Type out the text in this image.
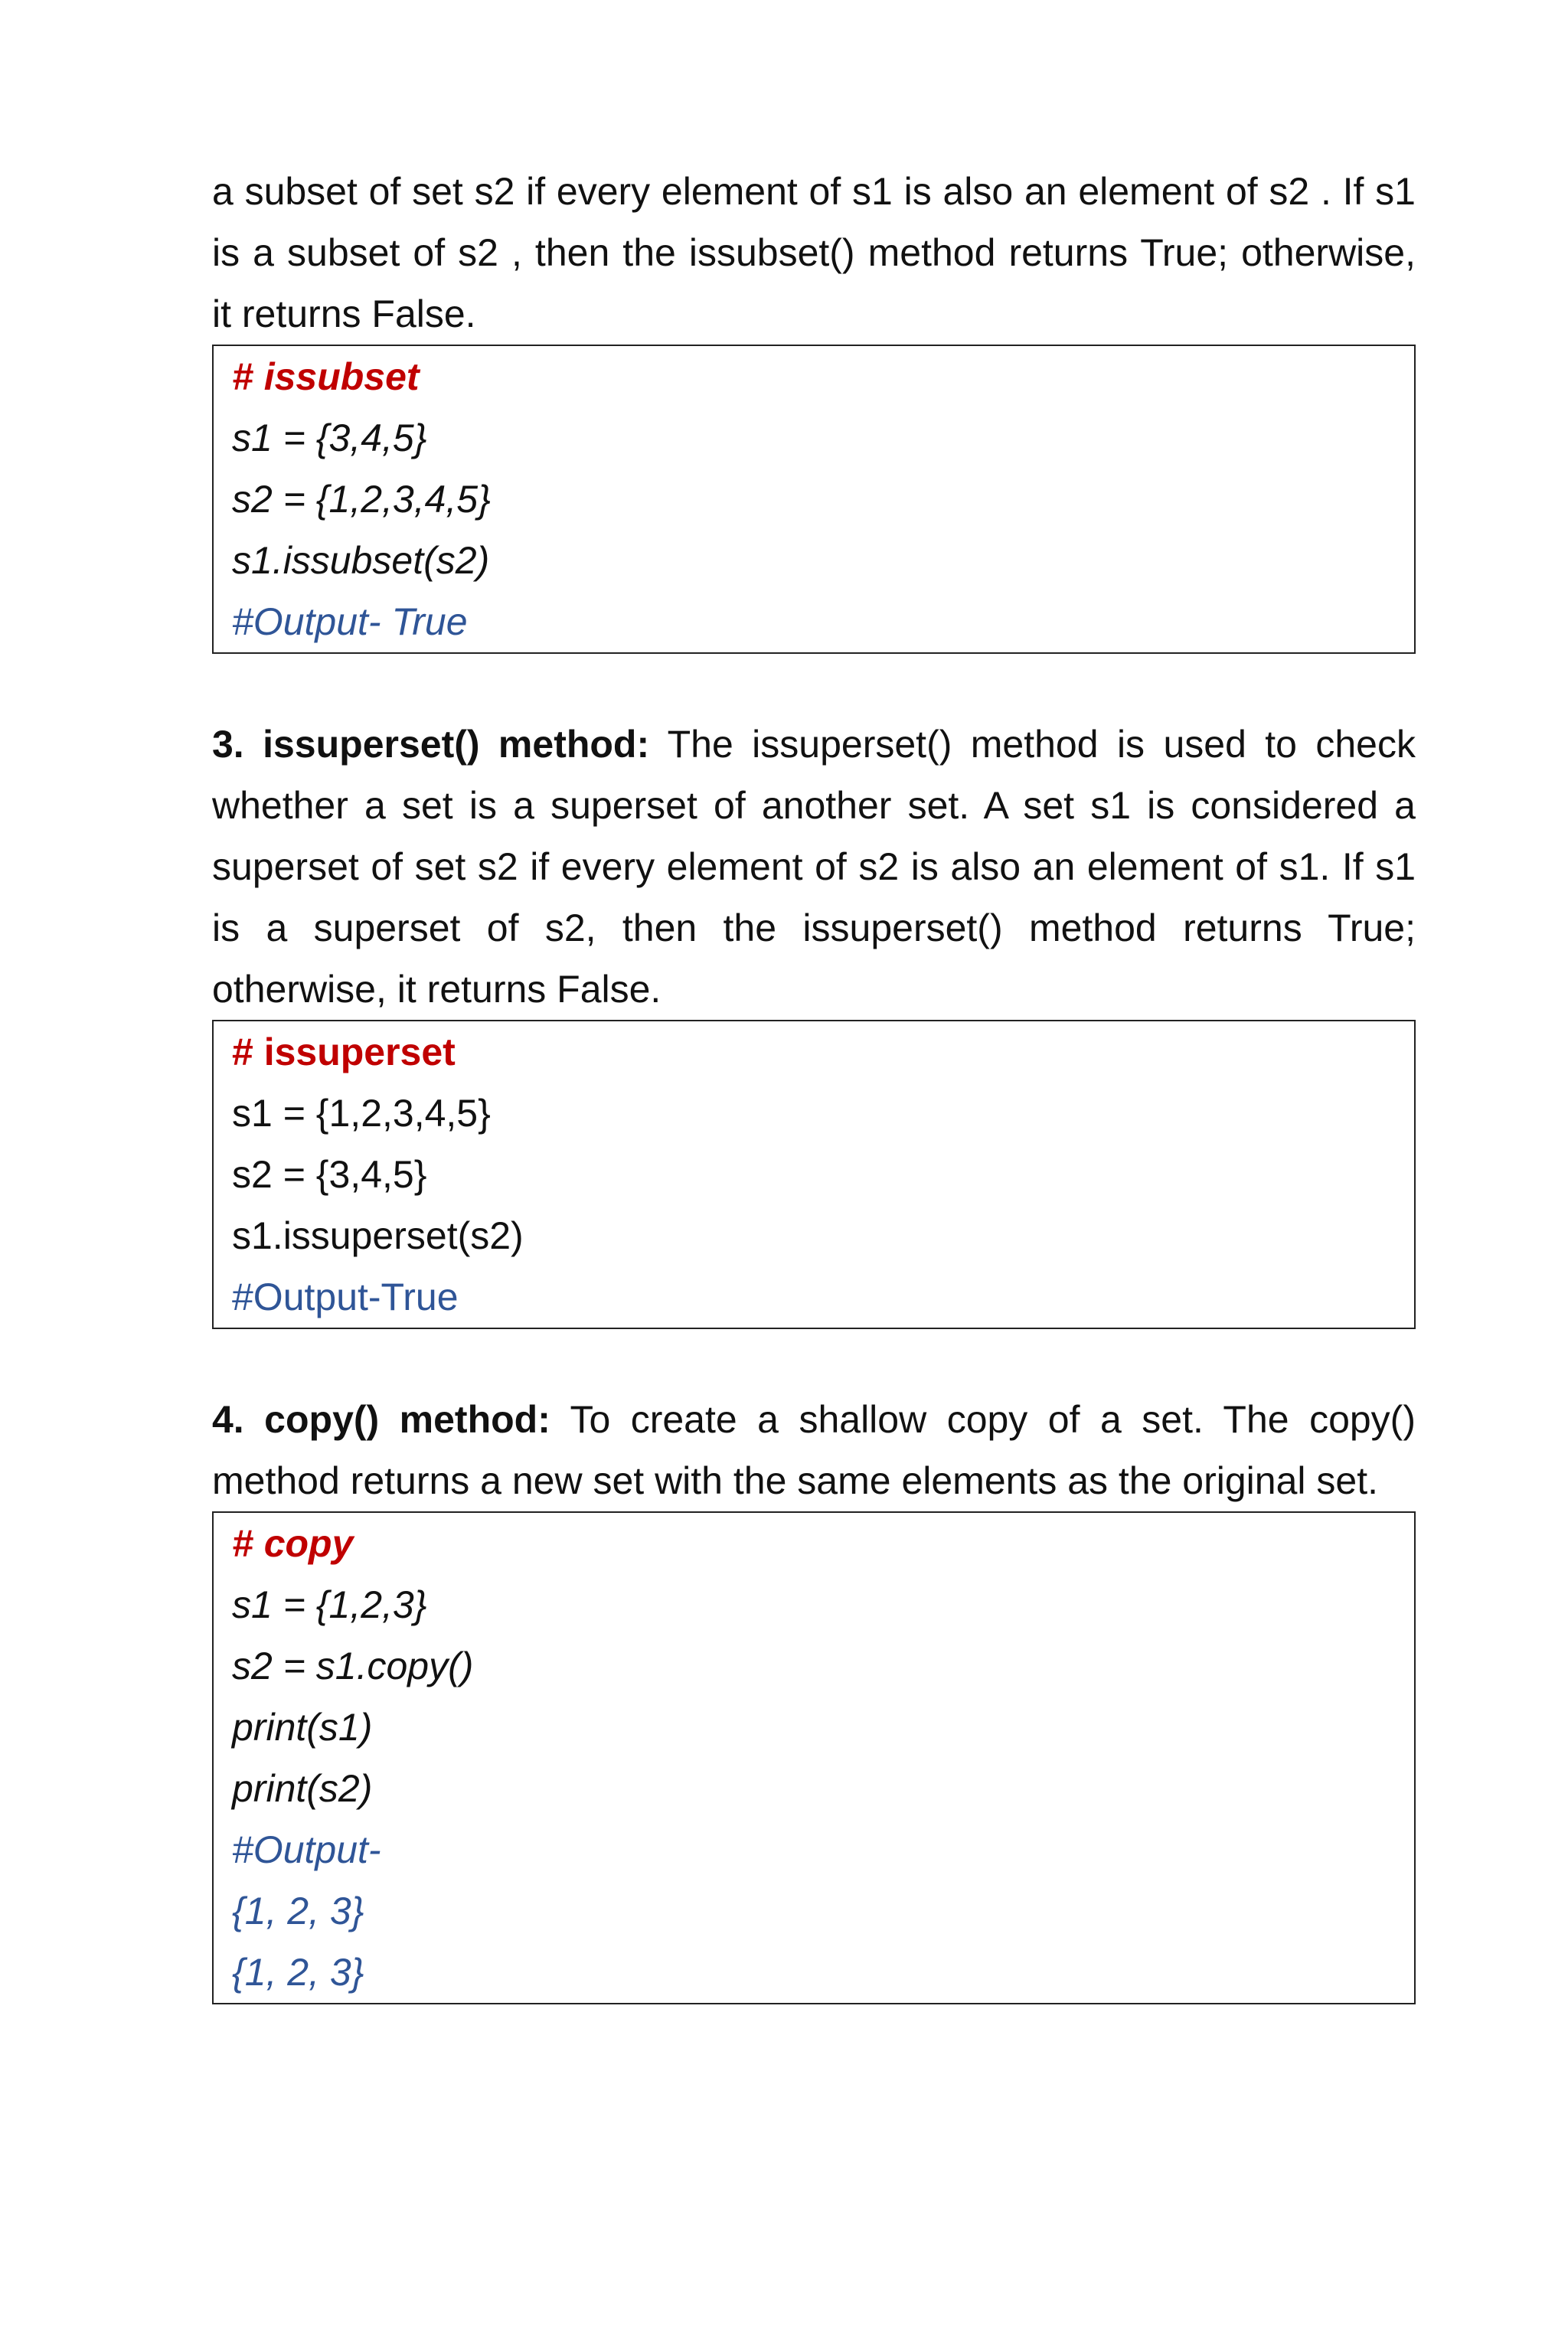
a subset of set s2 if every element of s1 is also an element of s2 . If s1 is a subset of s2 , then the issubset() method returns True; otherwise, it returns False.

# issubset
s1 = {3,4,5}
s2 = {1,2,3,4,5}
s1.issubset(s2)
#Output- True

3. issuperset() method: The issuperset() method is used to check whether a set is a superset of another set. A set s1 is considered a superset of set s2 if every element of s2 is also an element of s1. If s1 is a superset of s2, then the issuperset() method returns True; otherwise, it returns False.

# issuperset
s1 = {1,2,3,4,5}
s2 = {3,4,5}
s1.issuperset(s2)
#Output-True

4. copy() method: To create a shallow copy of a set. The copy() method returns a new set with the same elements as the original set.

# copy
s1 = {1,2,3}
s2 = s1.copy()
print(s1)
print(s2)
#Output-
{1, 2, 3}
{1, 2, 3}
